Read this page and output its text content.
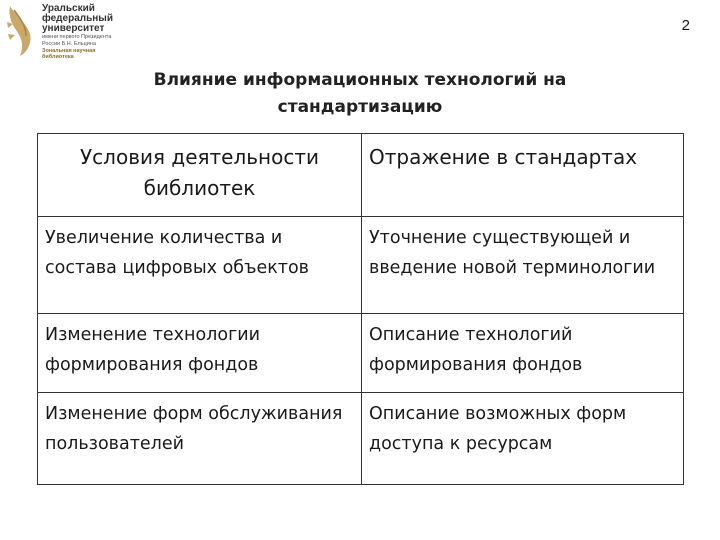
Уральский
федеральный
университет
имени первого Президента
России Б.Н. Ельцина
Зональная научная
библиотека
2
Влияние информационных технологий на
стандартизацию
Условия деятельности библиотек	Отражение в стандартах
Увеличение количества и состава цифровых объектов	Уточнение существующей и введение новой терминологии
Изменение технологии формирования фондов	Описание технологий формирования фондов
Изменение форм обслуживания пользователей	Описание возможных форм доступа к ресурсам
